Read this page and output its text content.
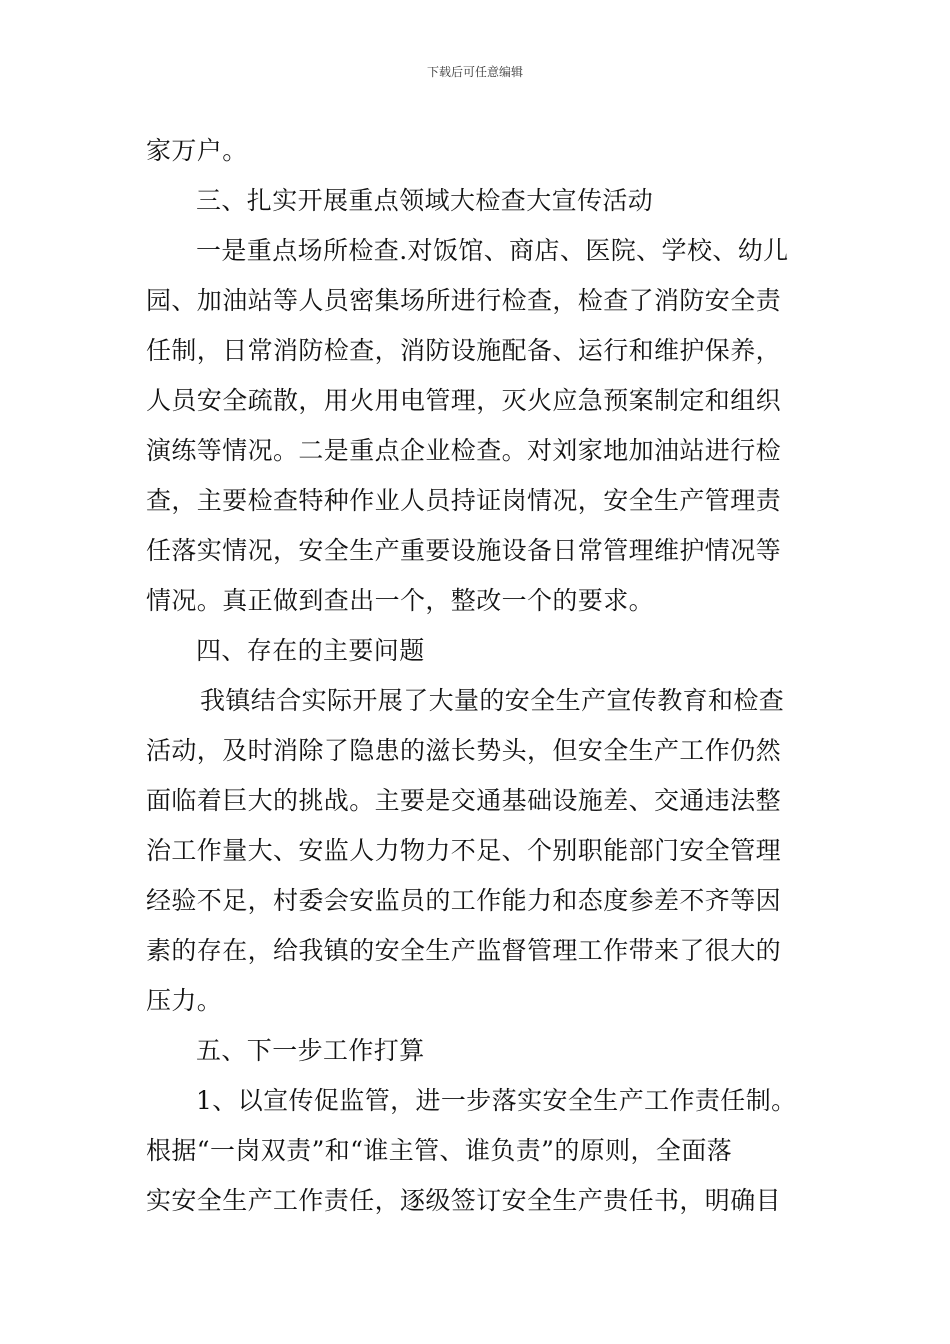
下载后可任意编辑
家万户。
三、扎实开展重点领域大检查大宣传活动
一是重点场所检查.对饭馆、商店、医院、学校、幼儿
园、加油站等人员密集场所进行检查，检查了消防安全责
任制，日常消防检查，消防设施配备、运行和维护保养，
人员安全疏散，用火用电管理，灭火应急预案制定和组织
演练等情况。二是重点企业检查。对刘家地加油站进行检
查，主要检查特种作业人员持证岗情况，安全生产管理责
任落实情况，安全生产重要设施设备日常管理维护情况等
情况。真正做到查出一个，整改一个的要求。
四、存在的主要问题
我镇结合实际开展了大量的安全生产宣传教育和检查
活动，及时消除了隐患的滋长势头，但安全生产工作仍然
面临着巨大的挑战。主要是交通基础设施差、交通违法整
治工作量大、安监人力物力不足、个别职能部门安全管理
经验不足，村委会安监员的工作能力和态度参差不齐等因
素的存在，给我镇的安全生产监督管理工作带来了很大的
压力。
五、下一步工作打算
1、以宣传促监管，进一步落实安全生产工作责任制。
根据“一岗双责”和“谁主管、谁负责”的原则，全面落
实安全生产工作责任，逐级签订安全生产贵任书，明确目
